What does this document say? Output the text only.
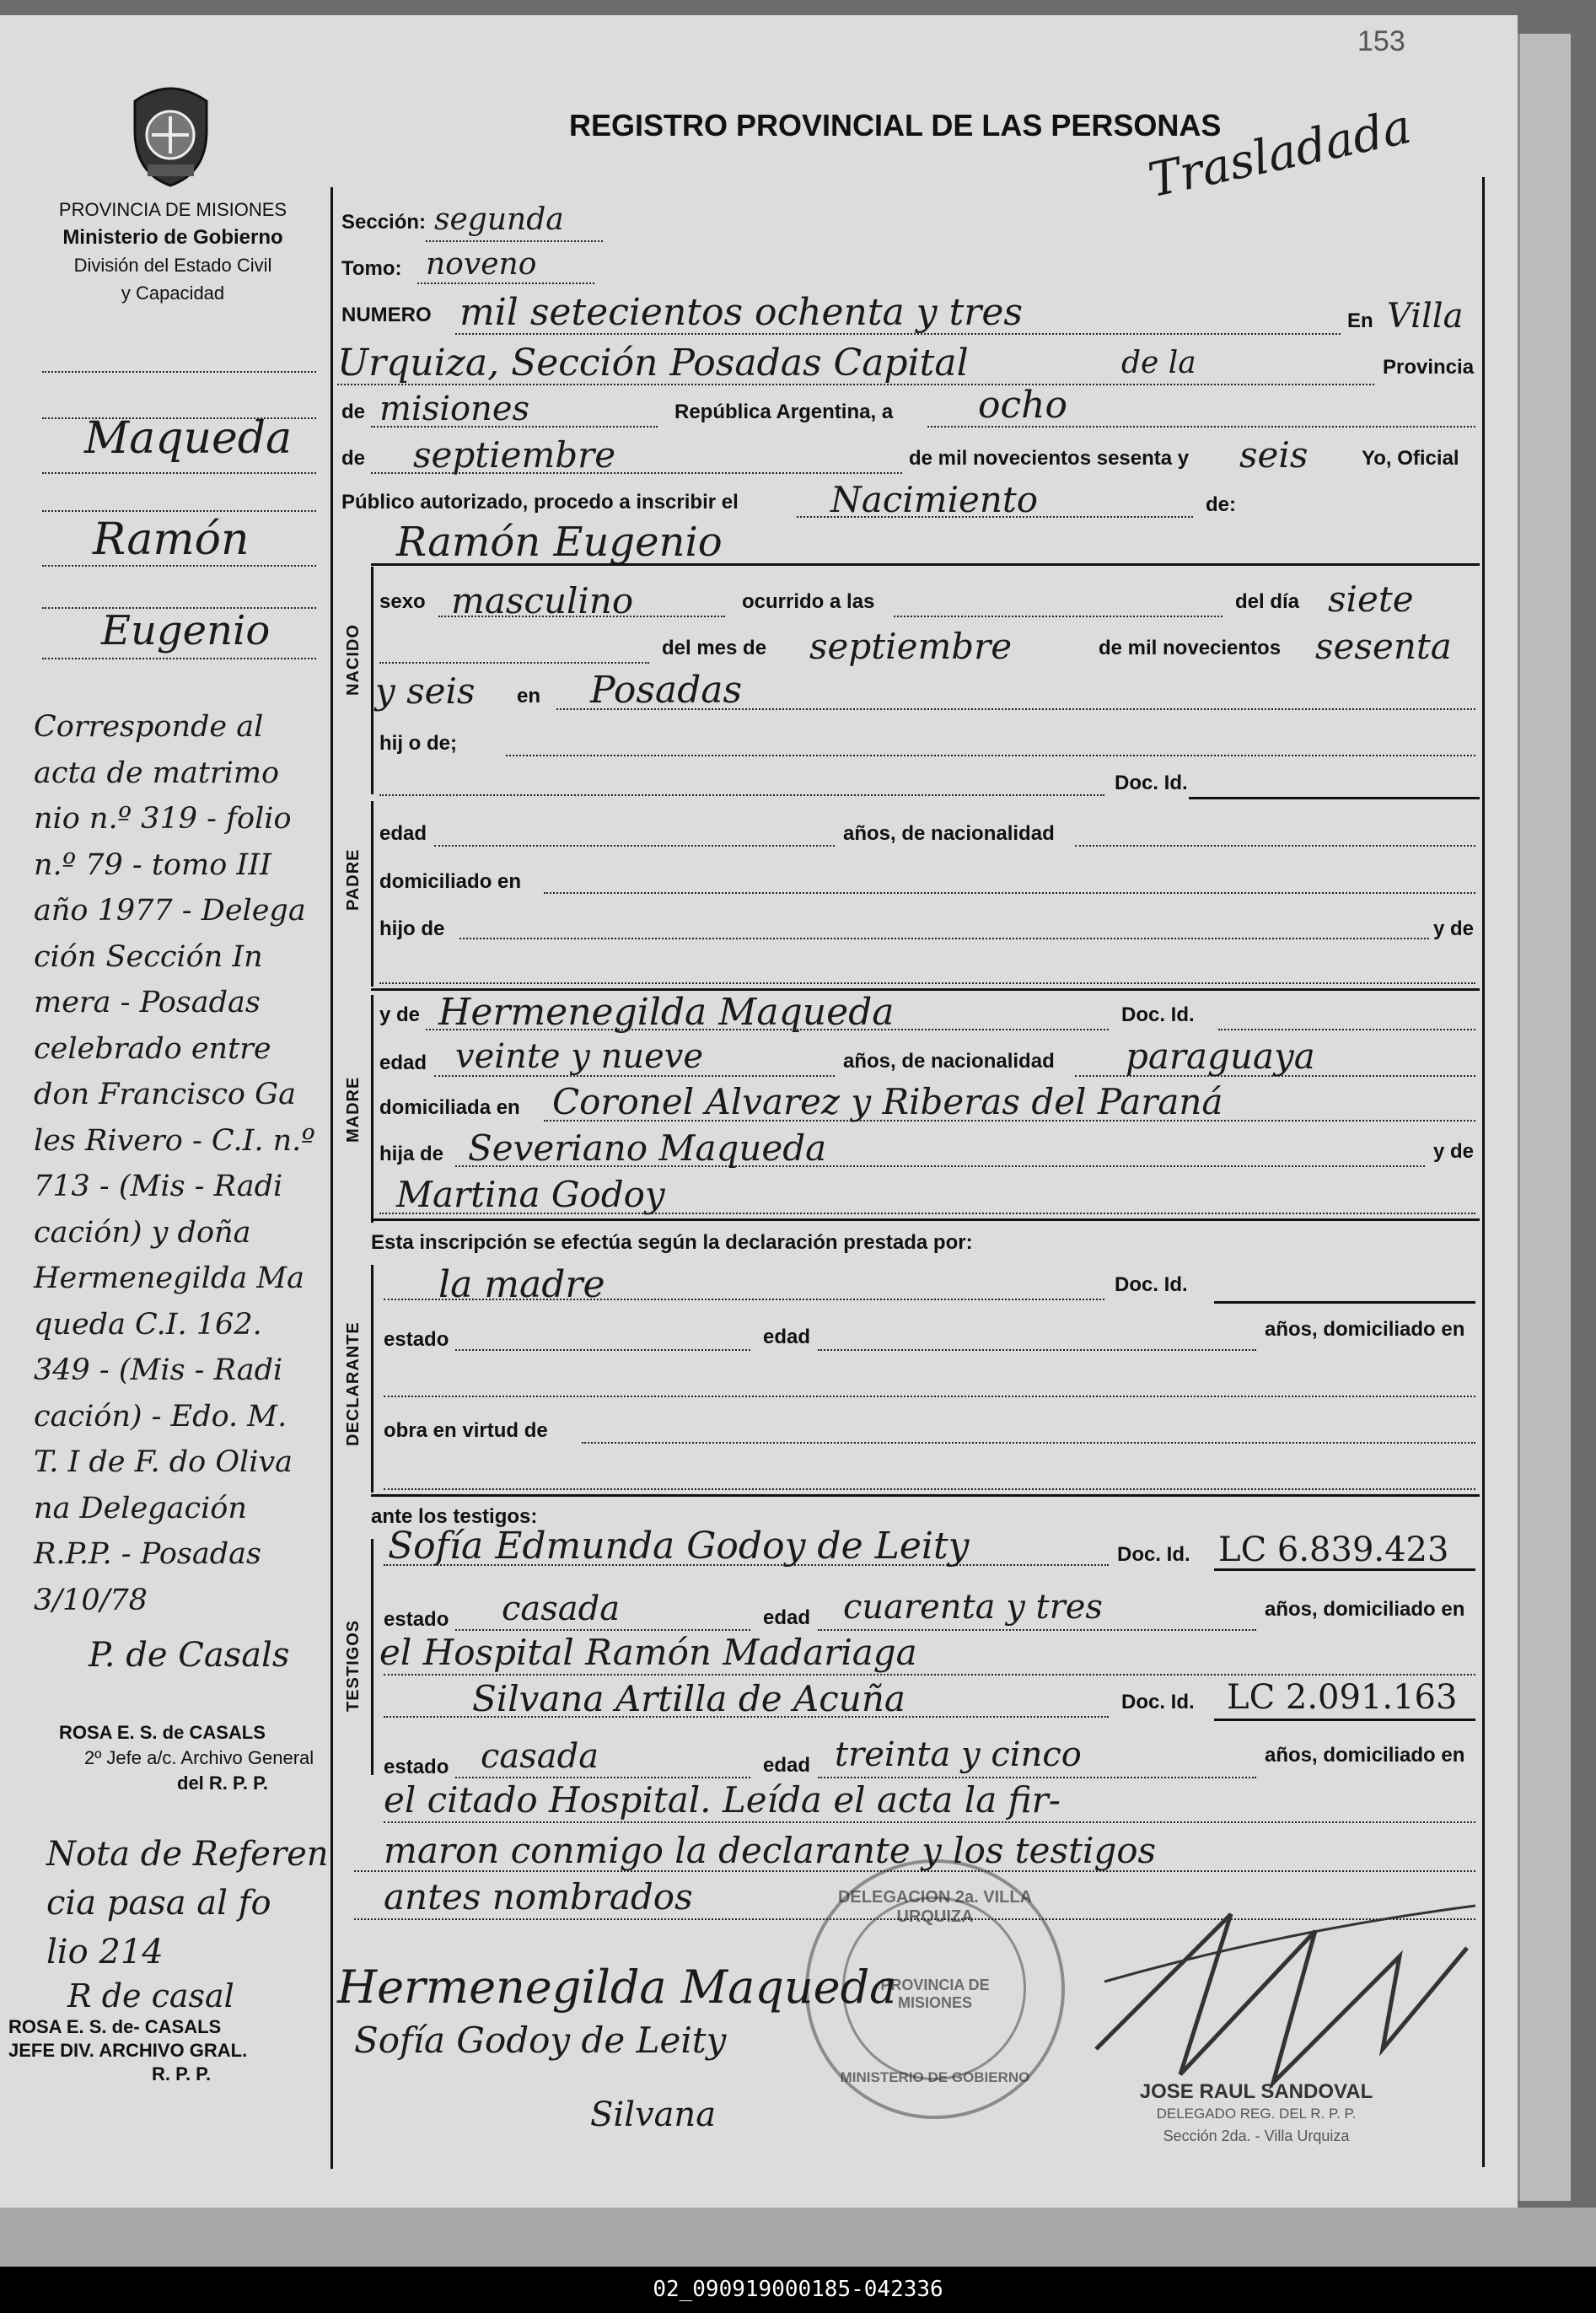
153
REGISTRO PROVINCIAL DE LAS PERSONAS
Trasladada
PROVINCIA DE MISIONES
Ministerio de Gobierno
División del Estado Civil
y Capacidad
Maqueda
Ramón
Eugenio
Corresponde al
acta de matrimo
nio n.º 319 - folio
n.º 79 - tomo III
año 1977 - Delega
ción Sección In
mera - Posadas
celebrado entre
don Francisco Ga
les Rivero - C.I. n.º
713 - (Mis - Radi
cación) y doña
Hermenegilda Ma
queda C.I. 162.
349 - (Mis - Radi
cación) - Edo. M.
T. I de F. do Oliva
na Delegación
R.P.P. - Posadas
3/10/78
P. de Casals
ROSA E. S. de CASALS
2º Jefe a/c. Archivo General
del R. P. P.
Nota de Referen
cia pasa al fo
lio 214
R de casal
ROSA E. S. de- CASALS
JEFE DIV. ARCHIVO GRAL.
R. P. P.
Sección: segunda
Tomo: noveno
NUMERO mil setecientos ochenta y tres	En Villa
Urquiza, Sección Posadas Capital	de la	Provincia
de misiones	República Argentina, a ocho
de septiembre	de mil novecientos sesenta y seis	Yo, Oficial
Público autorizado, procedo a inscribir el	Nacimiento	de:
Ramón Eugenio
NACIDO
sexo masculino	ocurrido a las	del día siete
del mes de septiembre	de mil novecientos sesenta
y seis en Posadas
hij o de;
Doc. Id.
PADRE
edad	años, de nacionalidad
domiciliado en
hijo de	y de
MADRE
y de Hermenegilda Maqueda	Doc. Id.
edad veinte y nueve	años, de nacionalidad paraguaya
domiciliada en Coronel Alvarez y Riberas del Paraná
hija de Severiano Maqueda	y de
Martina Godoy
Esta inscripción se efectúa según la declaración prestada por:
DECLARANTE
la madre	Doc. Id.
estado	edad	años, domiciliado en
obra en virtud de
ante los testigos:
TESTIGOS
Sofía Edmunda Godoy de Leity	Doc. Id. LC 6.839.423
estado casada	edad cuarenta y tres	años, domiciliado en
el Hospital Ramón Madariaga
Silvana Artilla de Acuña	Doc. Id. LC 2.091.163
estado casada	edad treinta y cinco	años, domiciliado en
el citado Hospital. Leída el acta la fir-
maron conmigo la declarante y los testigos
antes nombrados	DELEGACION 2a. VILLA URQUIZA
PROVINCIA DE MISIONES
MINISTERIO DE GOBIERNO
Hermenegilda Maqueda
Sofía Godoy de Leity
Silvana
JOSE RAUL SANDOVAL
DELEGADO REG. DEL R. P. P.
Sección 2da. - Villa Urquiza
02_090919000185-042336
